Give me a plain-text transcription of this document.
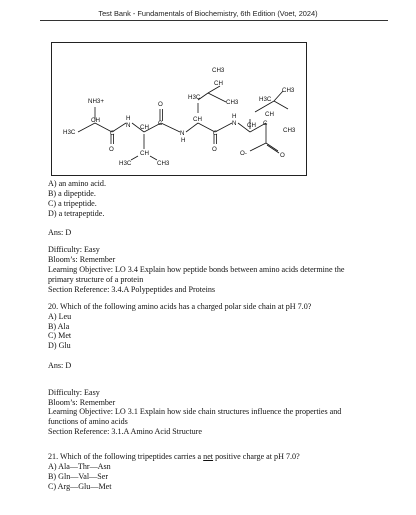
Test Bank - Fundamentals of Biochemistry, 6th Edition (Voet, 2024)
CH3
CH
H3C
CH3	H3C
CH3
CH3
CH
NH3+
CH
H3C
N
H
C
O
CH
H3C
CH
CH3
C
O
N
H
CH
C
O
N
H
CH C
O-	O
A) an amino acid.
B) a dipeptide.
C) a tripeptide.
D) a tetrapeptide.
Ans: D
Difficulty: Easy
Bloom’s: Remember
Learning Objective: LO 3.4 Explain how peptide bonds between amino acids determine the primary structure of a protein
Section Reference: 3.4.A Polypeptides and Proteins
20. Which of the following amino acids has a charged polar side chain at pH 7.0?
A) Leu
B) Ala
C) Met
D) Glu
Ans: D
Difficulty: Easy
Bloom’s: Remember
Learning Objective: LO 3.1 Explain how side chain structures influence the properties and functions of amino acids
Section Reference: 3.1.A Amino Acid Structure
21. Which of the following tripeptides carries a net positive charge at pH 7.0?
A) Ala—Thr—Asn
B) Gln—Val—Ser
C) Arg—Glu—Met
